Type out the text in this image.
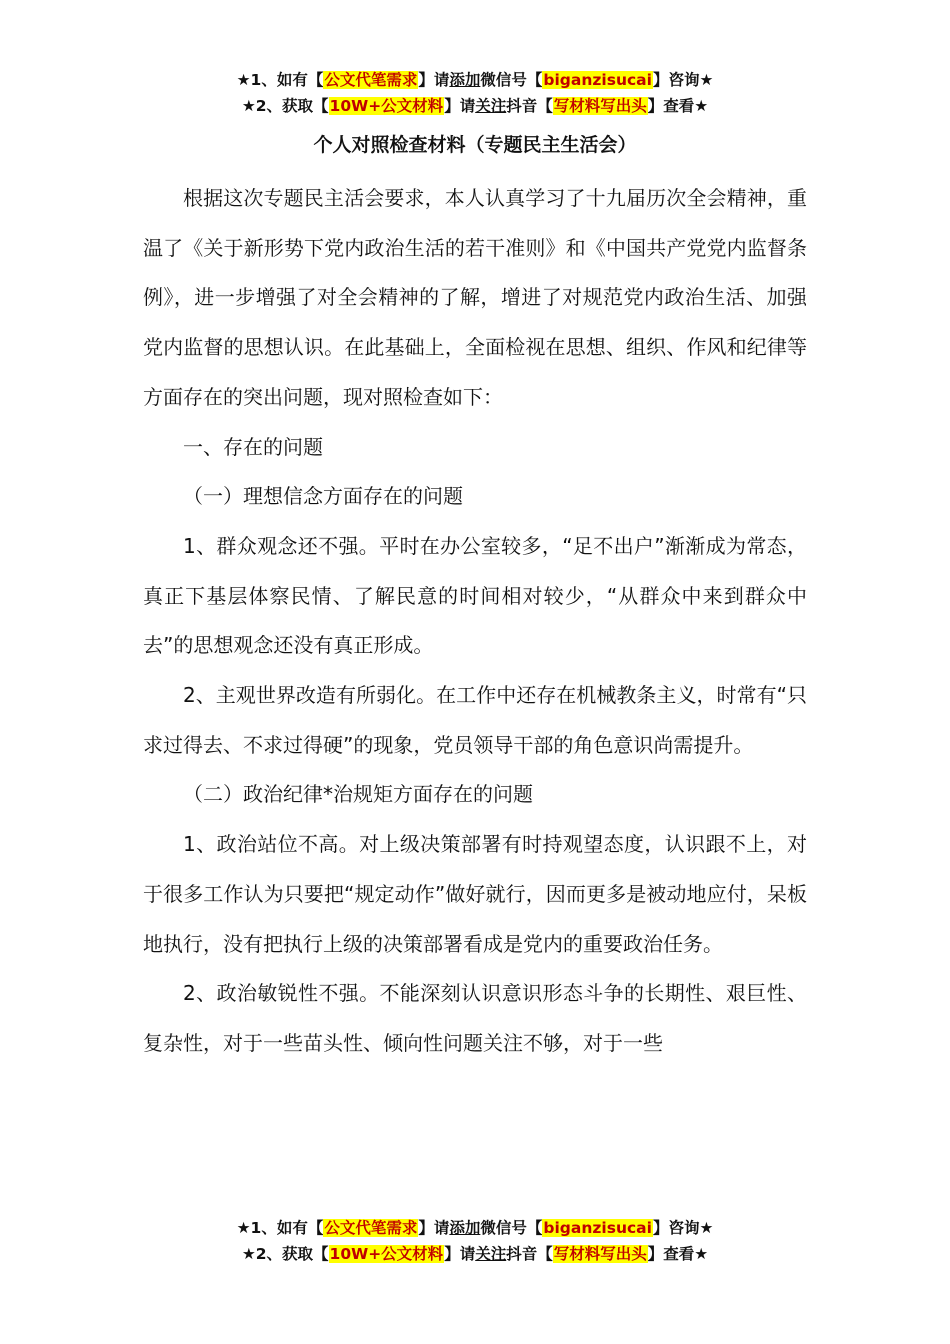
★1、如有【公文代笔需求】请添加微信号【biganzisucai】咨询★
★2、获取【10W+公文材料】请关注抖音【写材料写出头】查看★
个人对照检查材料（专题民主生活会）

根据这次专题民主活会要求，本人认真学习了十九届历次全会精神，重温了《关于新形势下党内政治生活的若干准则》和《中国共产党党内监督条例》，进一步增强了对全会精神的了解，增进了对规范党内政治生活、加强党内监督的思想认识。在此基础上，全面检视在思想、组织、作风和纪律等方面存在的突出问题，现对照检查如下：

一、存在的问题

（一）理想信念方面存在的问题

1、群众观念还不强。平时在办公室较多，“足不出户”渐渐成为常态，真正下基层体察民情、了解民意的时间相对较少，“从群众中来到群众中去”的思想观念还没有真正形成。

2、主观世界改造有所弱化。在工作中还存在机械教条主义，时常有“只求过得去、不求过得硬”的现象，党员领导干部的角色意识尚需提升。

（二）政治纪律*治规矩方面存在的问题

1、政治站位不高。对上级决策部署有时持观望态度，认识跟不上，对于很多工作认为只要把“规定动作”做好就行，因而更多是被动地应付，呆板地执行，没有把执行上级的决策部署看成是党内的重要政治任务。

2、政治敏锐性不强。不能深刻认识意识形态斗争的长期性、艰巨性、复杂性，对于一些苗头性、倾向性问题关注不够，对于一些

★1、如有【公文代笔需求】请添加微信号【biganzisucai】咨询★
★2、获取【10W+公文材料】请关注抖音【写材料写出头】查看★
